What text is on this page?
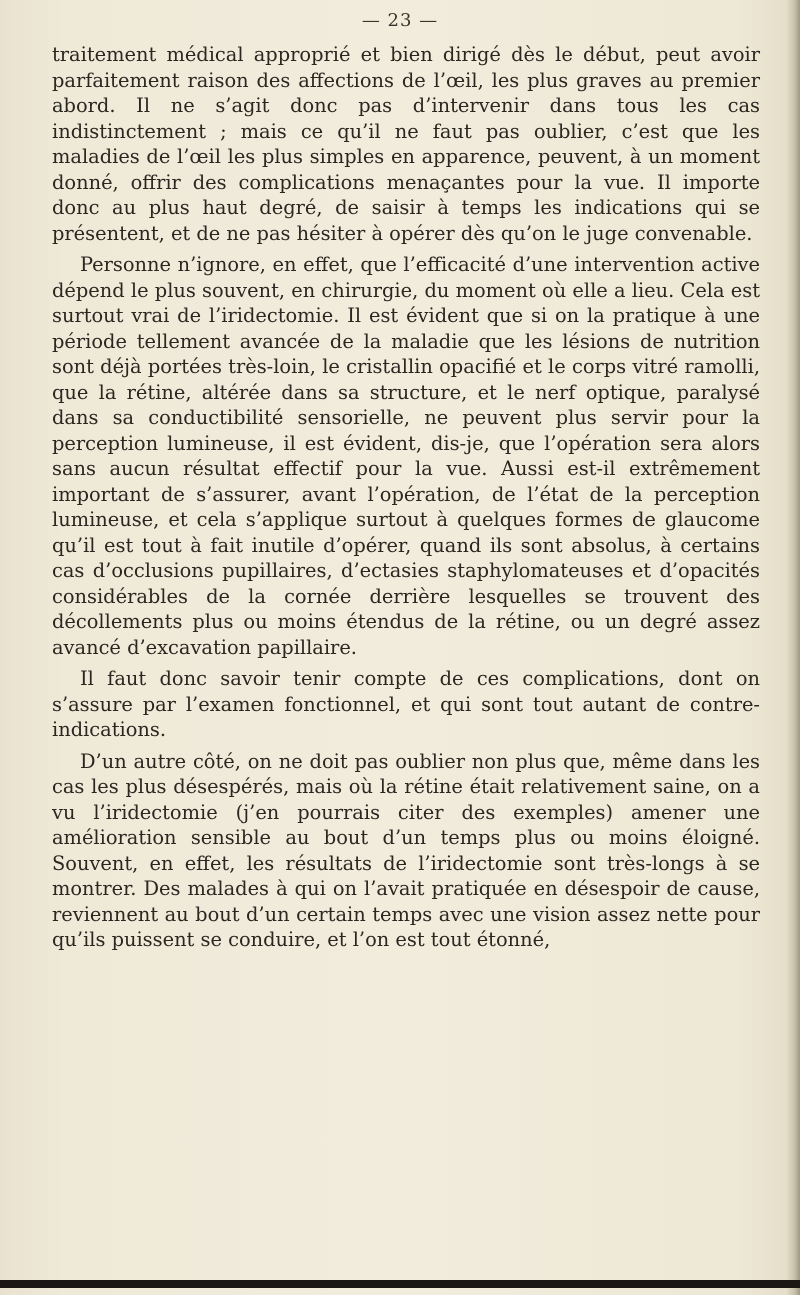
— 23 —

traitement médical approprié et bien dirigé dès le début, peut avoir parfaitement raison des affections de l’œil, les plus graves au premier abord. Il ne s’agit donc pas d’intervenir dans tous les cas indistinctement ; mais ce qu’il ne faut pas oublier, c’est que les maladies de l’œil les plus simples en apparence, peuvent, à un moment donné, offrir des complications menaçantes pour la vue. Il importe donc au plus haut degré, de saisir à temps les indications qui se présentent, et de ne pas hésiter à opérer dès qu’on le juge convenable.

Personne n’ignore, en effet, que l’efficacité d’une intervention active dépend le plus souvent, en chirurgie, du moment où elle a lieu. Cela est surtout vrai de l’iridectomie. Il est évident que si on la pratique à une période tellement avancée de la maladie que les lésions de nutrition sont déjà portées très-loin, le cristallin opacifié et le corps vitré ramolli, que la rétine, altérée dans sa structure, et le nerf optique, paralysé dans sa conductibilité sensorielle, ne peuvent plus servir pour la perception lumineuse, il est évident, dis-je, que l’opération sera alors sans aucun résultat effectif pour la vue. Aussi est-il extrêmement important de s’assurer, avant l’opération, de l’état de la perception lumineuse, et cela s’applique surtout à quelques formes de glaucome qu’il est tout à fait inutile d’opérer, quand ils sont absolus, à certains cas d’occlusions pupillaires, d’ectasies staphylomateuses et d’opacités considérables de la cornée derrière lesquelles se trouvent des décollements plus ou moins étendus de la rétine, ou un degré assez avancé d’excavation papillaire.

Il faut donc savoir tenir compte de ces complications, dont on s’assure par l’examen fonctionnel, et qui sont tout autant de contre-indications.

D’un autre côté, on ne doit pas oublier non plus que, même dans les cas les plus désespérés, mais où la rétine était relativement saine, on a vu l’iridectomie (j’en pourrais citer des exemples) amener une amélioration sensible au bout d’un temps plus ou moins éloigné. Souvent, en effet, les résultats de l’iridectomie sont très-longs à se montrer. Des malades à qui on l’avait pratiquée en désespoir de cause, reviennent au bout d’un certain temps avec une vision assez nette pour qu’ils puissent se conduire, et l’on est tout étonné,
